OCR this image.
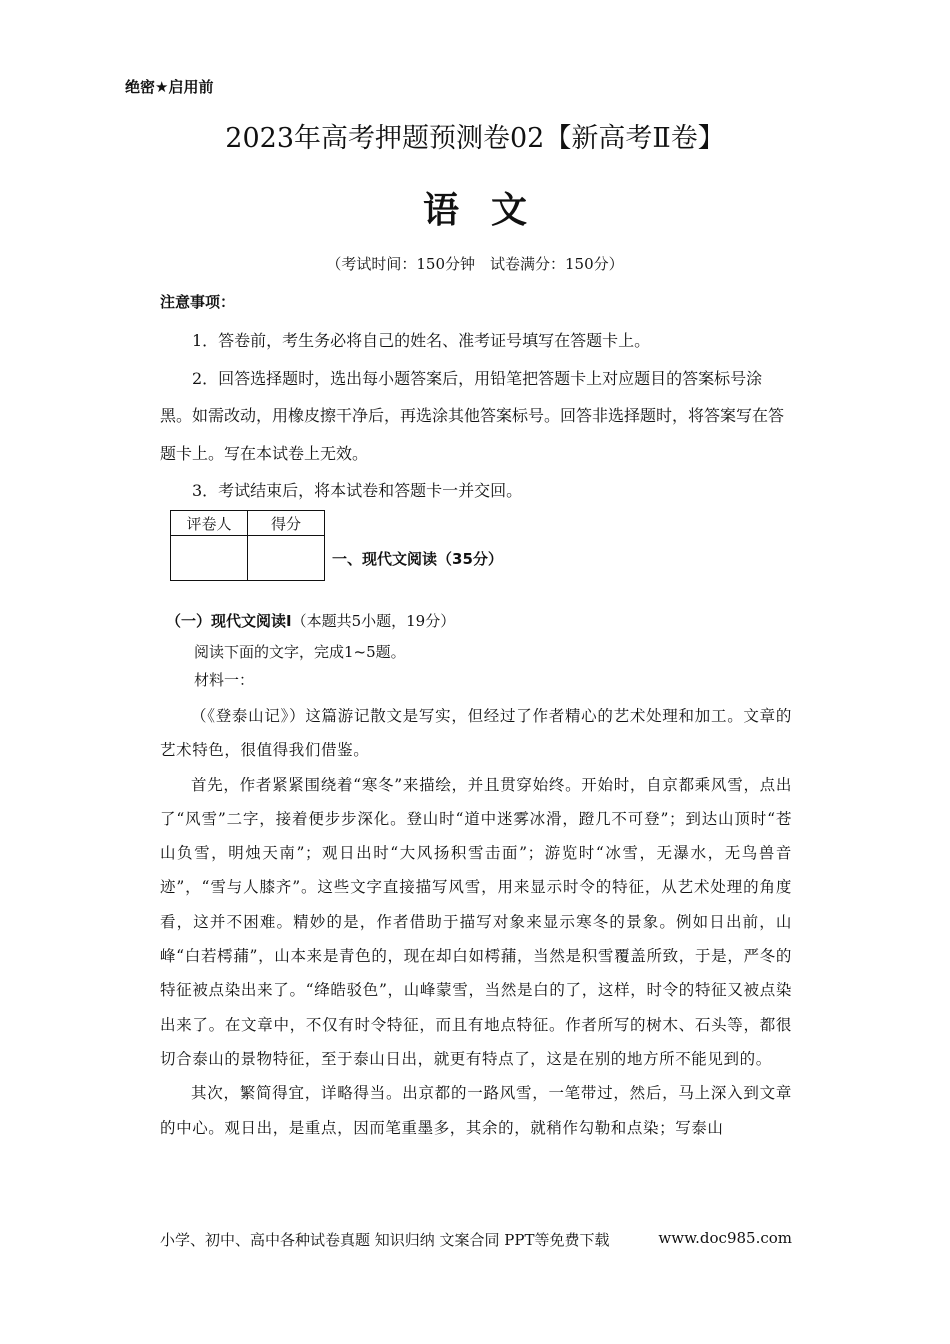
绝密★启用前
2023年高考押题预测卷02【新高考Ⅱ卷】
语文
（考试时间：150分钟　试卷满分：150分）
注意事项：

1．答卷前，考生务必将自己的姓名、准考证号填写在答题卡上。

2．回答选择题时，选出每小题答案后，用铅笔把答题卡上对应题目的答案标号涂黑。如需改动，用橡皮擦干净后，再选涂其他答案标号。回答非选择题时，将答案写在答题卡上。写在本试卷上无效。

3．考试结束后，将本试卷和答题卡一并交回。

评卷人	得分

一、现代文阅读（35分）
（一）现代文阅读I（本题共5小题，19分）
阅读下面的文字，完成1~5题。
材料一：

（《登泰山记》）这篇游记散文是写实，但经过了作者精心的艺术处理和加工。文章的艺术特色，很值得我们借鉴。

首先，作者紧紧围绕着“寒冬”来描绘，并且贯穿始终。开始时，自京都乘风雪，点出了“风雪”二字，接着便步步深化。登山时“道中迷雾冰滑，蹬几不可登”；到达山顶时“苍山负雪，明烛天南”；观日出时“大风扬积雪击面”；游览时“冰雪，无瀑水，无鸟兽音迹”，“雪与人膝齐”。这些文字直接描写风雪，用来显示时令的特征，从艺术处理的角度看，这并不困难。精妙的是，作者借助于描写对象来显示寒冬的景象。例如日出前，山峰“白若樗蒱”，山本来是青色的，现在却白如樗蒱，当然是积雪覆盖所致，于是，严冬的特征被点染出来了。“绛皓驳色”，山峰蒙雪，当然是白的了，这样，时令的特征又被点染出来了。在文章中，不仅有时令特征，而且有地点特征。作者所写的树木、石头等，都很切合泰山的景物特征，至于泰山日出，就更有特点了，这是在别的地方所不能见到的。

其次，繁简得宜，详略得当。出京都的一路风雪，一笔带过，然后，马上深入到文章的中心。观日出，是重点，因而笔重墨多，其余的，就稍作勾勒和点染；写泰山

小学、初中、高中各种试卷真题 知识归纳 文案合同 PPT等免费下载	www.doc985.com
